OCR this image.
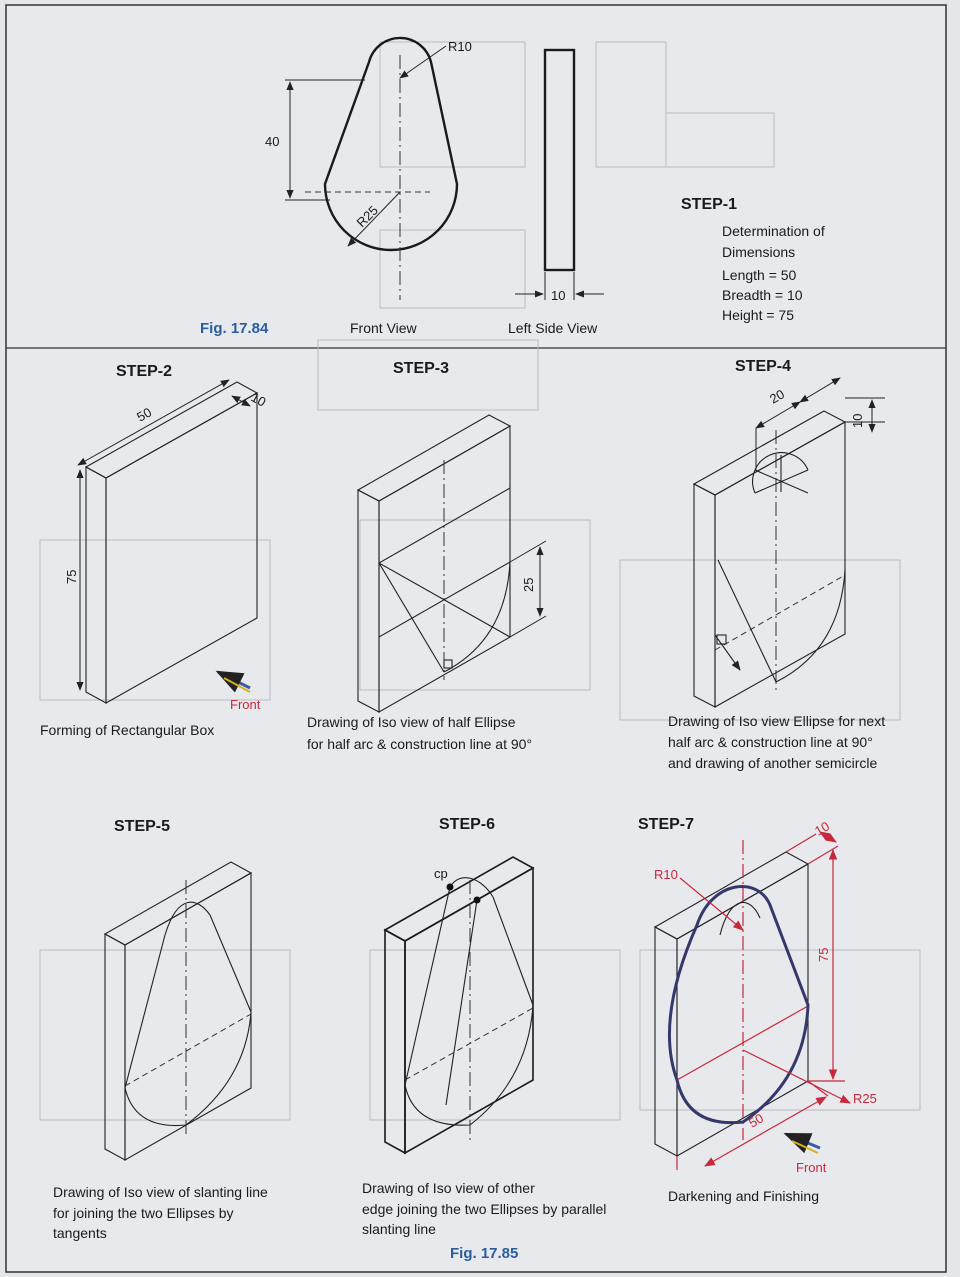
R10
R25
40
10
Fig. 17.84	Front View	Left Side View
STEP-1
Determination of
Dimensions
Length = 50
Breadth = 10
Height = 75
STEP-2
50
10
75
Front
Forming of Rectangular Box
STEP-3
25
Drawing of Iso view of half Ellipse
for half arc & construction line at 90°
STEP-4
20
10
Drawing of Iso view Ellipse for next
half arc & construction line at 90°
and drawing of another semicircle
STEP-5
Drawing of Iso view of slanting line
for joining the two Ellipses by
tangents
STEP-6
cp
Drawing of Iso view of other
edge joining the two Ellipses by parallel
slanting line
STEP-7
R10
R25
10
75
50
Front
Darkening and Finishing
Fig. 17.85
